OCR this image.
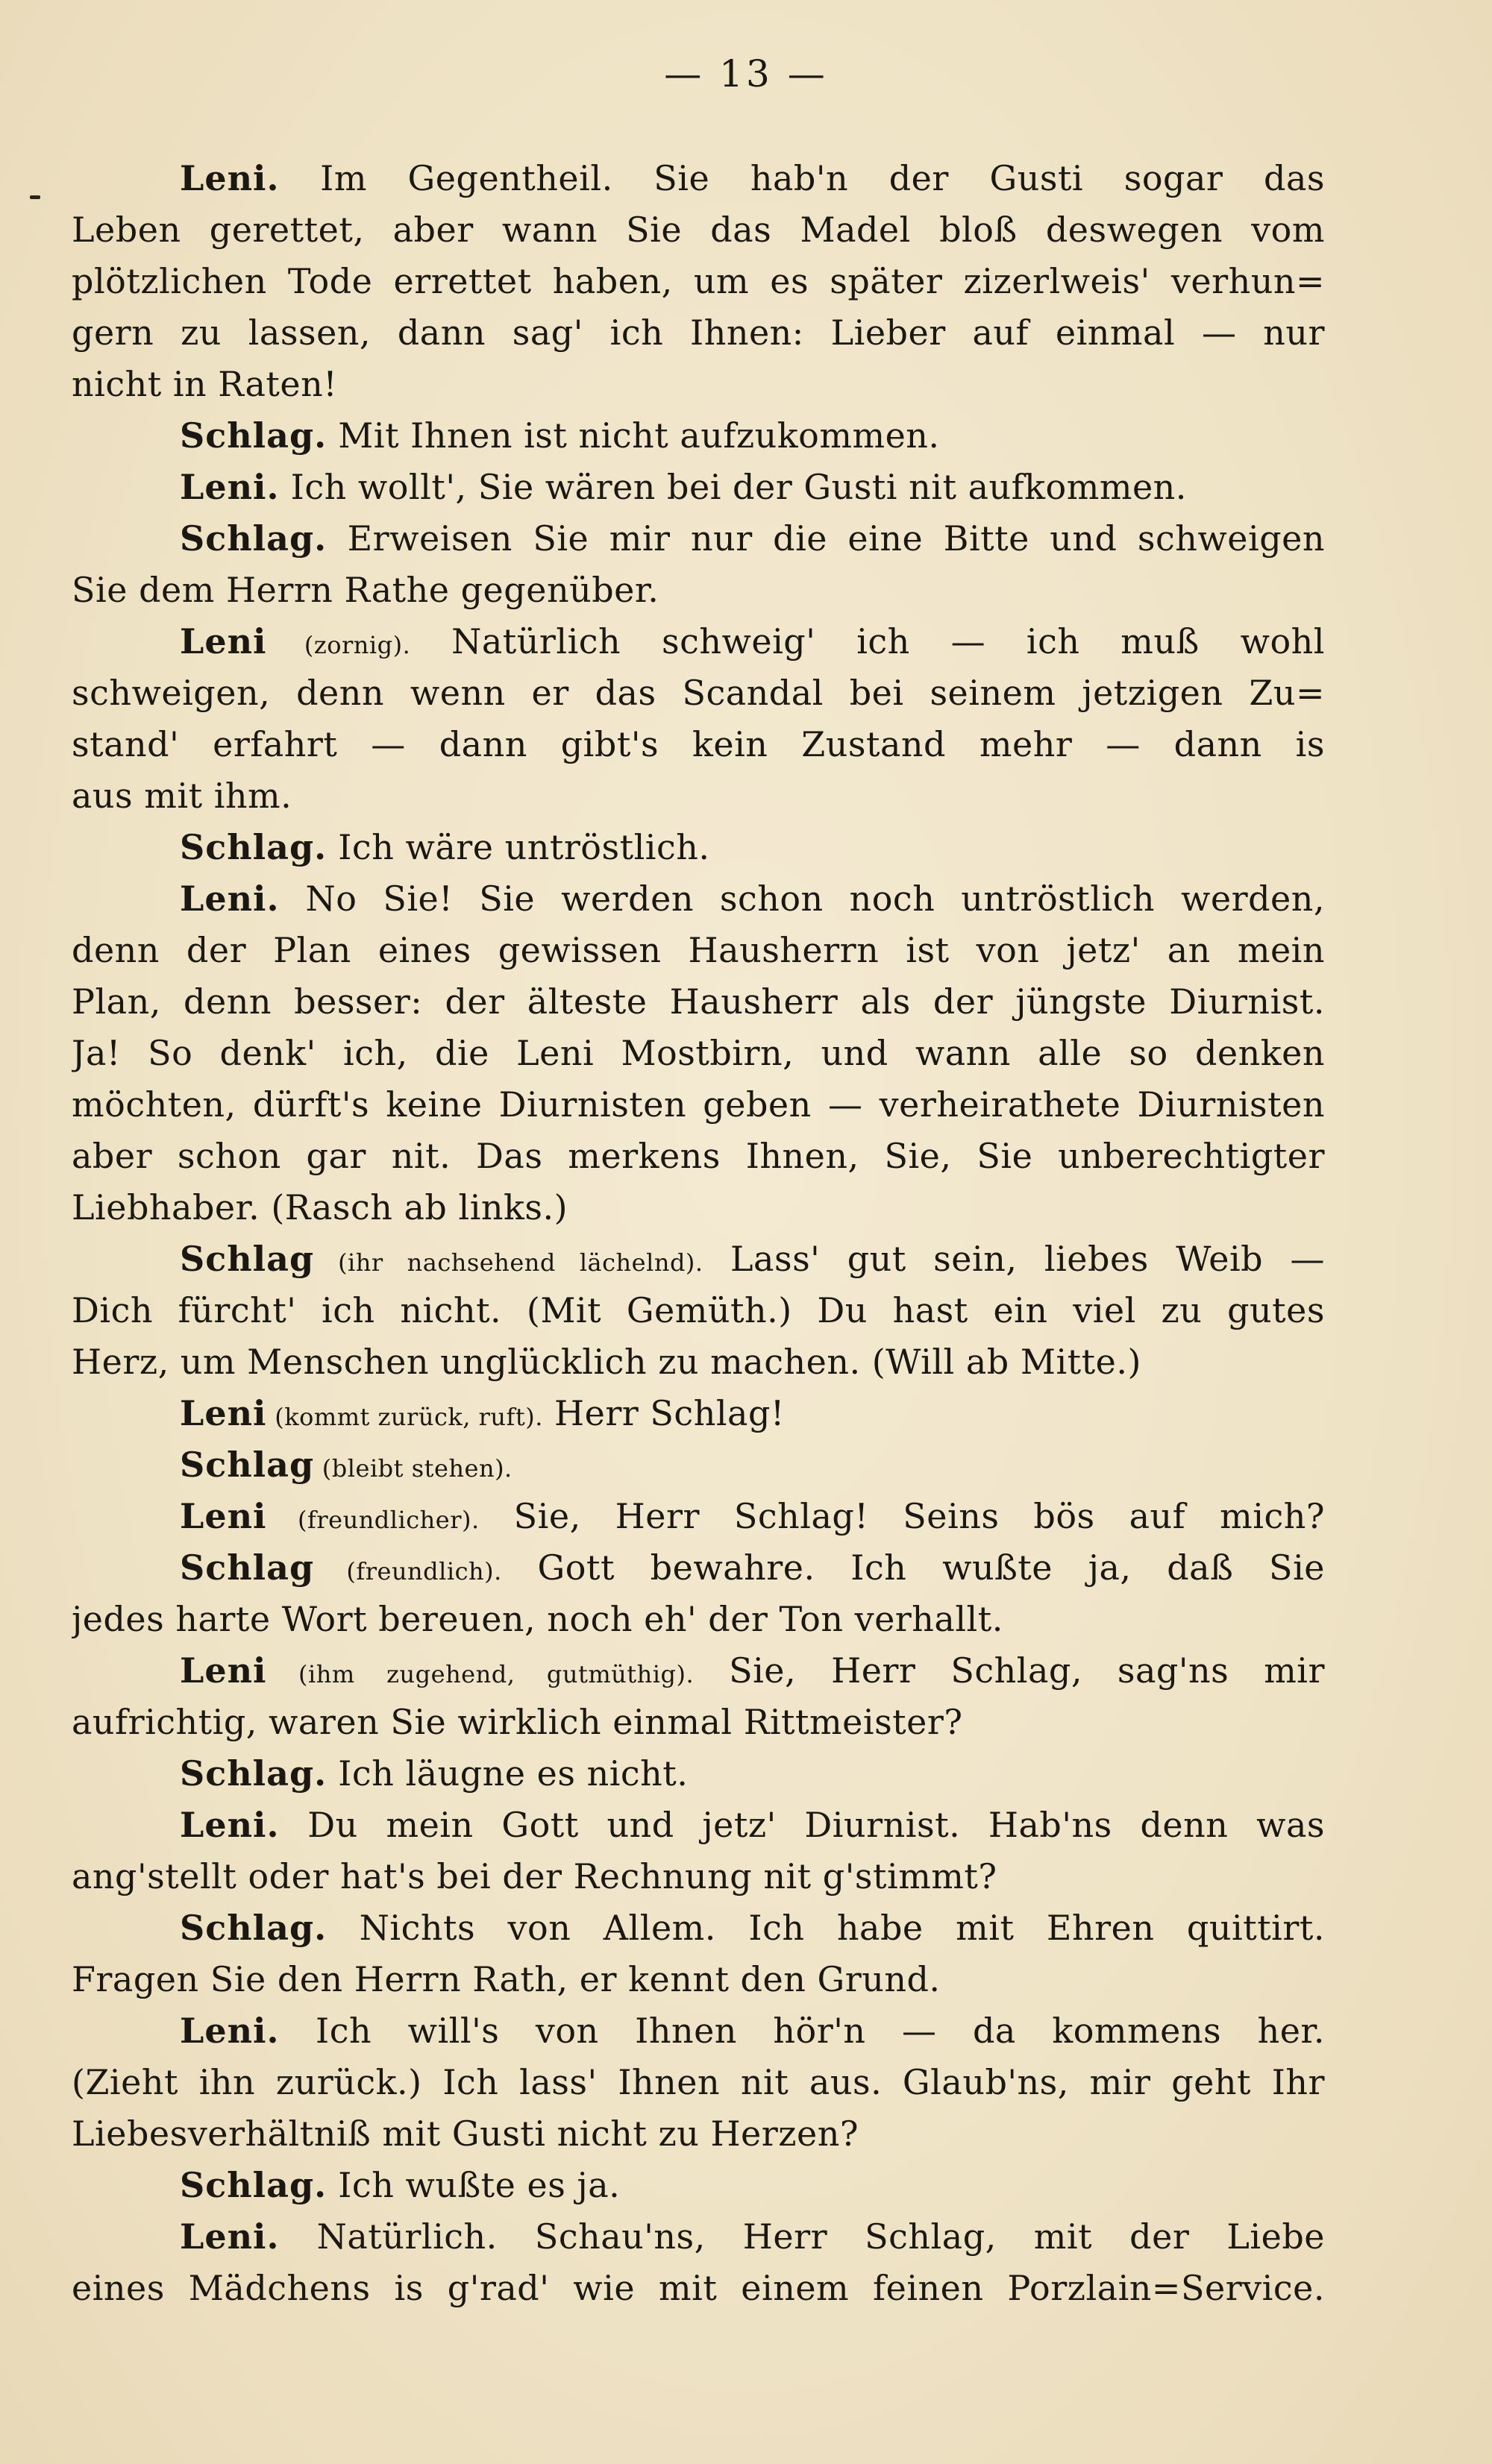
— 13 —
Leni. Im Gegentheil. Sie hab'n der Gusti sogar das
Leben gerettet, aber wann Sie das Madel bloß deswegen vom
plötzlichen Tode errettet haben, um es später zizerlweis' verhun=
gern zu lassen, dann sag' ich Ihnen: Lieber auf einmal — nur
nicht in Raten!
Schlag. Mit Ihnen ist nicht aufzukommen.
Leni. Ich wollt', Sie wären bei der Gusti nit aufkommen.
Schlag. Erweisen Sie mir nur die eine Bitte und schweigen
Sie dem Herrn Rathe gegenüber.
Leni (zornig). Natürlich schweig' ich — ich muß wohl
schweigen, denn wenn er das Scandal bei seinem jetzigen Zu=
stand' erfahrt — dann gibt's kein Zustand mehr — dann is
aus mit ihm.
Schlag. Ich wäre untröstlich.
Leni. No Sie! Sie werden schon noch untröstlich werden,
denn der Plan eines gewissen Hausherrn ist von jetz' an mein
Plan, denn besser: der älteste Hausherr als der jüngste Diurnist.
Ja! So denk' ich, die Leni Mostbirn, und wann alle so denken
möchten, dürft's keine Diurnisten geben — verheirathete Diurnisten
aber schon gar nit. Das merkens Ihnen, Sie, Sie unberechtigter
Liebhaber. (Rasch ab links.)
Schlag (ihr nachsehend lächelnd). Lass' gut sein, liebes Weib —
Dich fürcht' ich nicht. (Mit Gemüth.) Du hast ein viel zu gutes
Herz, um Menschen unglücklich zu machen. (Will ab Mitte.)
Leni (kommt zurück, ruft). Herr Schlag!
Schlag (bleibt stehen).
Leni (freundlicher). Sie, Herr Schlag! Seins bös auf mich?
Schlag (freundlich). Gott bewahre. Ich wußte ja, daß Sie
jedes harte Wort bereuen, noch eh' der Ton verhallt.
Leni (ihm zugehend, gutmüthig). Sie, Herr Schlag, sag'ns mir
aufrichtig, waren Sie wirklich einmal Rittmeister?
Schlag. Ich läugne es nicht.
Leni. Du mein Gott und jetz' Diurnist. Hab'ns denn was
ang'stellt oder hat's bei der Rechnung nit g'stimmt?
Schlag. Nichts von Allem. Ich habe mit Ehren quittirt.
Fragen Sie den Herrn Rath, er kennt den Grund.
Leni. Ich will's von Ihnen hör'n — da kommens her.
(Zieht ihn zurück.) Ich lass' Ihnen nit aus. Glaub'ns, mir geht Ihr
Liebesverhältniß mit Gusti nicht zu Herzen?
Schlag. Ich wußte es ja.
Leni. Natürlich. Schau'ns, Herr Schlag, mit der Liebe
eines Mädchens is g'rad' wie mit einem feinen Porzlain=Service.
